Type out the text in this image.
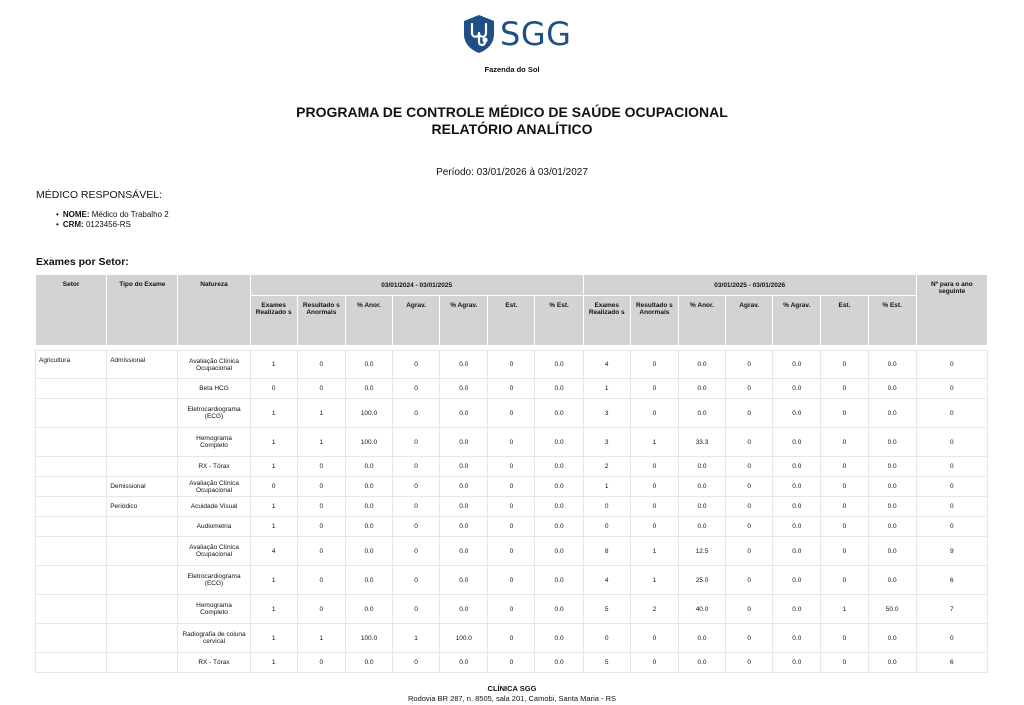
SGG
Fazenda do Sol
PROGRAMA DE CONTROLE MÉDICO DE SAÚDE OCUPACIONAL
RELATÓRIO ANALÍTICO
Período: 03/01/2026 à 03/01/2027
MÉDICO RESPONSÁVEL:
• NOME: Médico do Trabalho 2
• CRM: 0123456-RS
Exames por Setor:
Setor	Tipo do Exame	Natureza	03/01/2024 - 03/01/2025							03/01/2025 - 03/01/2026							Nº para o ano seguinte
			Exames Realizado s	Resultado s Anormais	% Anor.	Agrav.	% Agrav.	Est.	% Est.	Exames Realizado s	Resultado s Anormais	% Anor.	Agrav.	% Agrav.	Est.	% Est.	

Agricultura	Admissional	Avaliação Clínica Ocupacional	1	0	0.0	0	0.0	0	0.0	4	0	0.0	0	0.0	0	0.0	0
		Beta HCG	0	0	0.0	0	0.0	0	0.0	1	0	0.0	0	0.0	0	0.0	0
		Eletrocardiograma (ECG)	1	1	100.0	0	0.0	0	0.0	3	0	0.0	0	0.0	0	0.0	0
		Hemograma Completo	1	1	100.0	0	0.0	0	0.0	3	1	33.3	0	0.0	0	0.0	0
		RX - Tórax	1	0	0.0	0	0.0	0	0.0	2	0	0.0	0	0.0	0	0.0	0
	Demissional	Avaliação Clínica Ocupacional	0	0	0.0	0	0.0	0	0.0	1	0	0.0	0	0.0	0	0.0	0
	Periódico	Acuidade Visual	1	0	0.0	0	0.0	0	0.0	0	0	0.0	0	0.0	0	0.0	0
		Audiometria	1	0	0.0	0	0.0	0	0.0	0	0	0.0	0	0.0	0	0.0	0
		Avaliação Clínica Ocupacional	4	0	0.0	0	0.0	0	0.0	8	1	12.5	0	0.0	0	0.0	9
		Eletrocardiograma (ECG)	1	0	0.0	0	0.0	0	0.0	4	1	25.0	0	0.0	0	0.0	6
		Hemograma Completo	1	0	0.0	0	0.0	0	0.0	5	2	40.0	0	0.0	1	50.0	7
		Radiografia de coluna cervical	1	1	100.0	1	100.0	0	0.0	0	0	0.0	0	0.0	0	0.0	0
		RX - Tórax	1	0	0.0	0	0.0	0	0.0	5	0	0.0	0	0.0	0	0.0	6
CLÍNICA SGG
Rodovia BR 287, n. 8505, sala 201, Camobi, Santa Maria - RS
